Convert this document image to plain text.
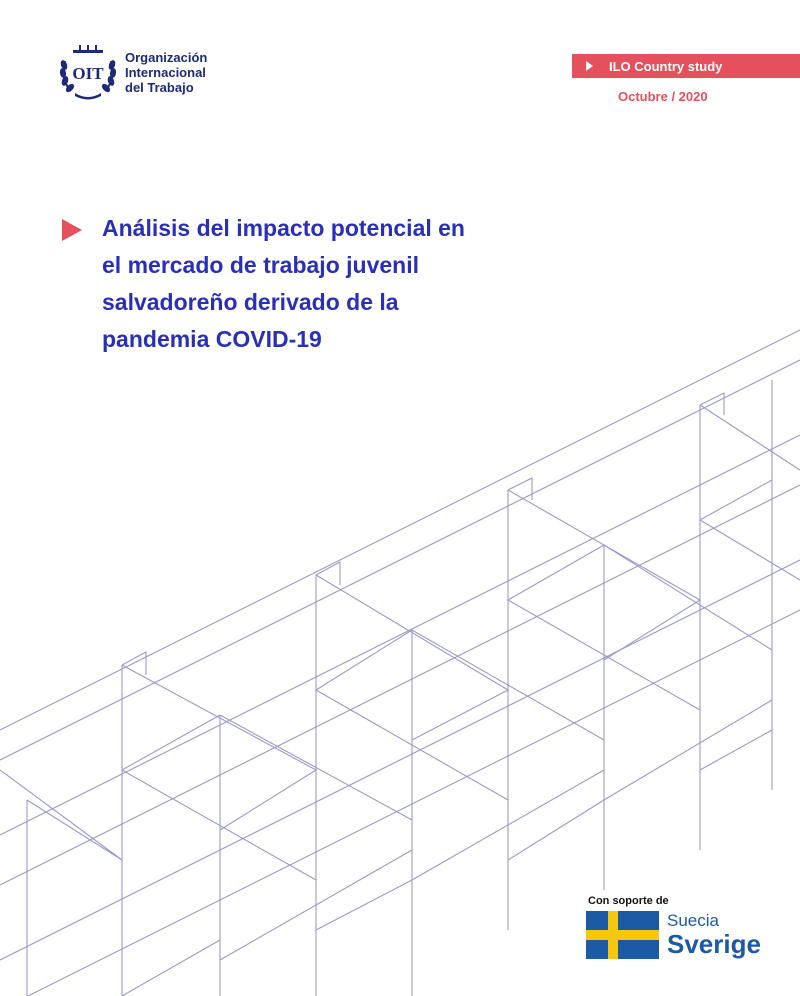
OIT
Organización
Internacional
del Trabajo
ILO Country study
Octubre / 2020
Análisis del impacto potencial en
el mercado de trabajo juvenil
salvadoreño derivado de la
pandemia COVID-19
Con soporte de
Suecia
Sverige
